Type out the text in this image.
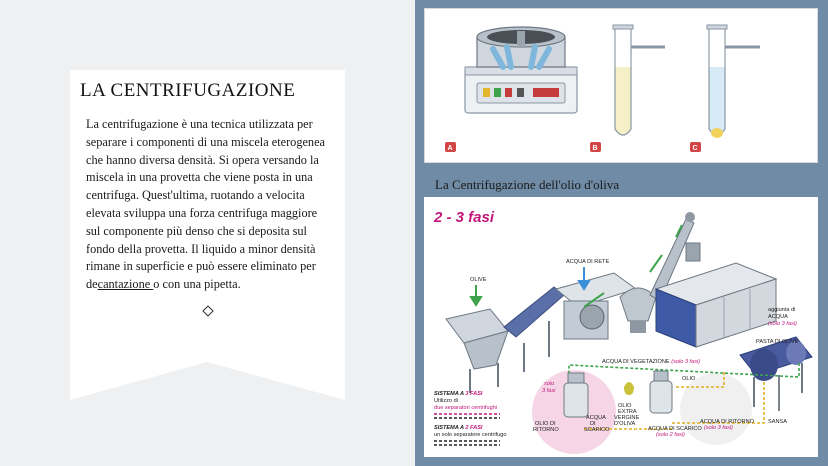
LA CENTRIFUGAZIONE
La centrifugazione è una tecnica utilizzata per separare i componenti di una miscela eterogenea che hanno diversa densità. Si opera versando la miscela in una provetta che viene posta in una centrifuga. Quest'ultima, ruotando a velocita elevata sviluppa una forza centrifuga maggiore sul componente più denso che si deposita sul fondo della provetta. Il liquido a minor densità rimane in superficie e può essere eliminato per decantazione o con una pipetta.
A	B	C
La Centrifugazione dell'olio d'oliva
2 - 3 fasi
OLIVE
ACQUA DI RETE
aggiunta di
ACQUA
(solo 3 fasi)
PASTA DI OLIVE
ACQUA DI VEGETAZIONE (solo 3 fasi)
OLIO
solo
3 fasi
OLIO
EXTRA
VERGINE
D'OLIVA
OLIO DI
RITORNO
ACQUA
DI
SCARICO	ACQUA DI SCARICO
(solo 2 fasi)
ACQUA DI RITORNO
(solo 3 fasi)
SANSA
SISTEMA A 3 FASI
Utilizzo di
due separatori centrifughi
SISTEMA A 2 FASI
un solo separatore centrifugo
